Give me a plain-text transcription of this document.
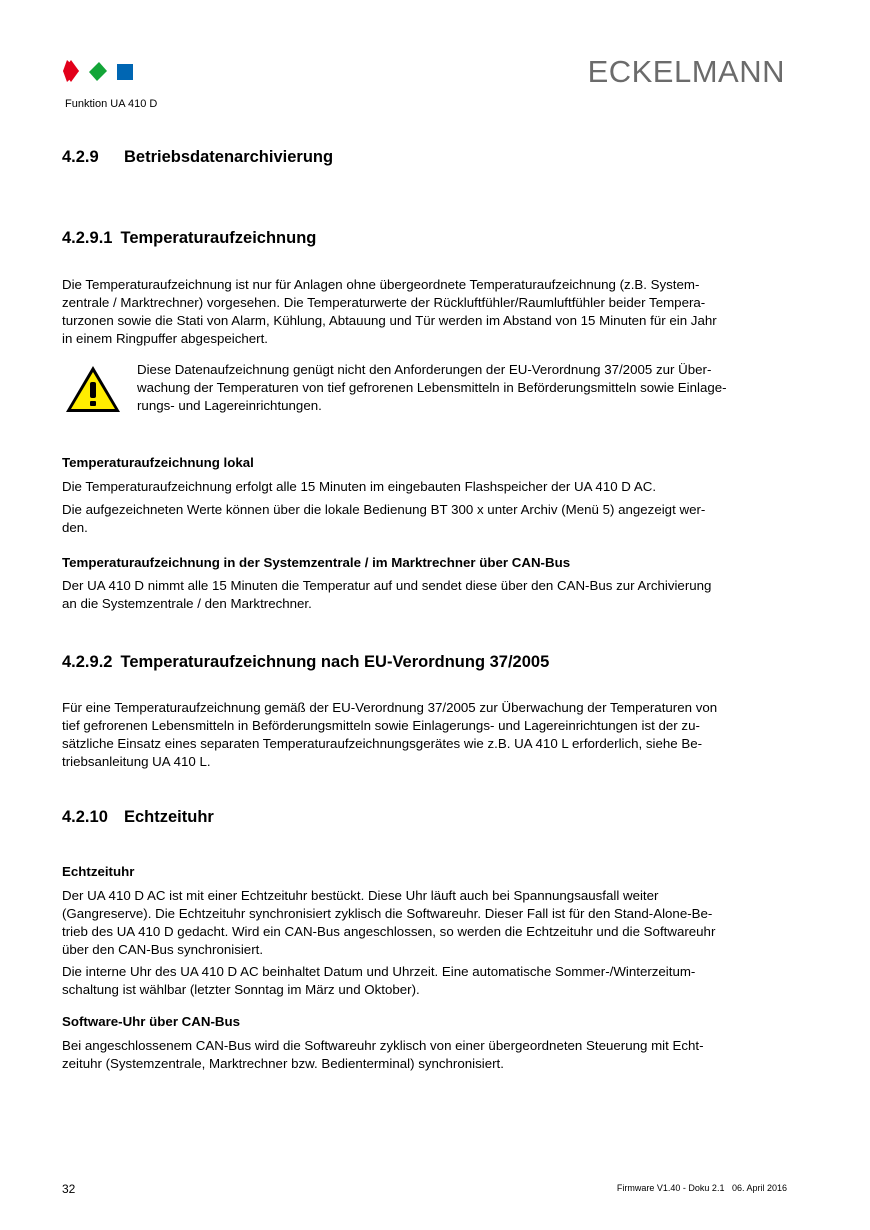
ECKELMANN
Funktion UA 410 D
4.2.9 Betriebsdatenarchivierung
4.2.9.1 Temperaturaufzeichnung
Die Temperaturaufzeichnung ist nur für Anlagen ohne übergeordnete Temperaturaufzeichnung (z.B. System-
zentrale / Marktrechner) vorgesehen. Die Temperaturwerte der Rückluftfühler/Raumluftfühler beider Tempera-
turzonen sowie die Stati von Alarm, Kühlung, Abtauung und Tür werden im Abstand von 15 Minuten für ein Jahr
in einem Ringpuffer abgespeichert.
Diese Datenaufzeichnung genügt nicht den Anforderungen der EU-Verordnung 37/2005 zur Über-
wachung der Temperaturen von tief gefrorenen Lebensmitteln in Beförderungsmitteln sowie Einlage-
rungs- und Lagereinrichtungen.
Temperaturaufzeichnung lokal
Die Temperaturaufzeichnung erfolgt alle 15 Minuten im eingebauten Flashspeicher der UA 410 D AC.
Die aufgezeichneten Werte können über die lokale Bedienung BT 300 x unter Archiv (Menü 5) angezeigt wer-
den.
Temperaturaufzeichnung in der Systemzentrale / im Marktrechner über CAN-Bus
Der UA 410 D nimmt alle 15 Minuten die Temperatur auf und sendet diese über den CAN-Bus zur Archivierung
an die Systemzentrale / den Marktrechner.
4.2.9.2 Temperaturaufzeichnung nach EU-Verordnung 37/2005
Für eine Temperaturaufzeichnung gemäß der EU-Verordnung 37/2005 zur Überwachung der Temperaturen von
tief gefrorenen Lebensmitteln in Beförderungsmitteln sowie Einlagerungs- und Lagereinrichtungen ist der zu-
sätzliche Einsatz eines separaten Temperaturaufzeichnungsgerätes wie z.B. UA 410 L erforderlich, siehe Be-
triebsanleitung UA 410 L.
4.2.10 Echtzeituhr
Echtzeituhr
Der UA 410 D AC ist mit einer Echtzeituhr bestückt. Diese Uhr läuft auch bei Spannungsausfall weiter
(Gangreserve). Die Echtzeituhr synchronisiert zyklisch die Softwareuhr. Dieser Fall ist für den Stand-Alone-Be-
trieb des UA 410 D gedacht. Wird ein CAN-Bus angeschlossen, so werden die Echtzeituhr und die Softwareuhr
über den CAN-Bus synchronisiert.
Die interne Uhr des UA 410 D AC beinhaltet Datum und Uhrzeit. Eine automatische Sommer-/Winterzeitum-
schaltung ist wählbar (letzter Sonntag im März und Oktober).
Software-Uhr über CAN-Bus
Bei angeschlossenem CAN-Bus wird die Softwareuhr zyklisch von einer übergeordneten Steuerung mit Echt-
zeituhr (Systemzentrale, Marktrechner bzw. Bedienterminal) synchronisiert.
32	Firmware V1.40 - Doku 2.1   06. April 2016
